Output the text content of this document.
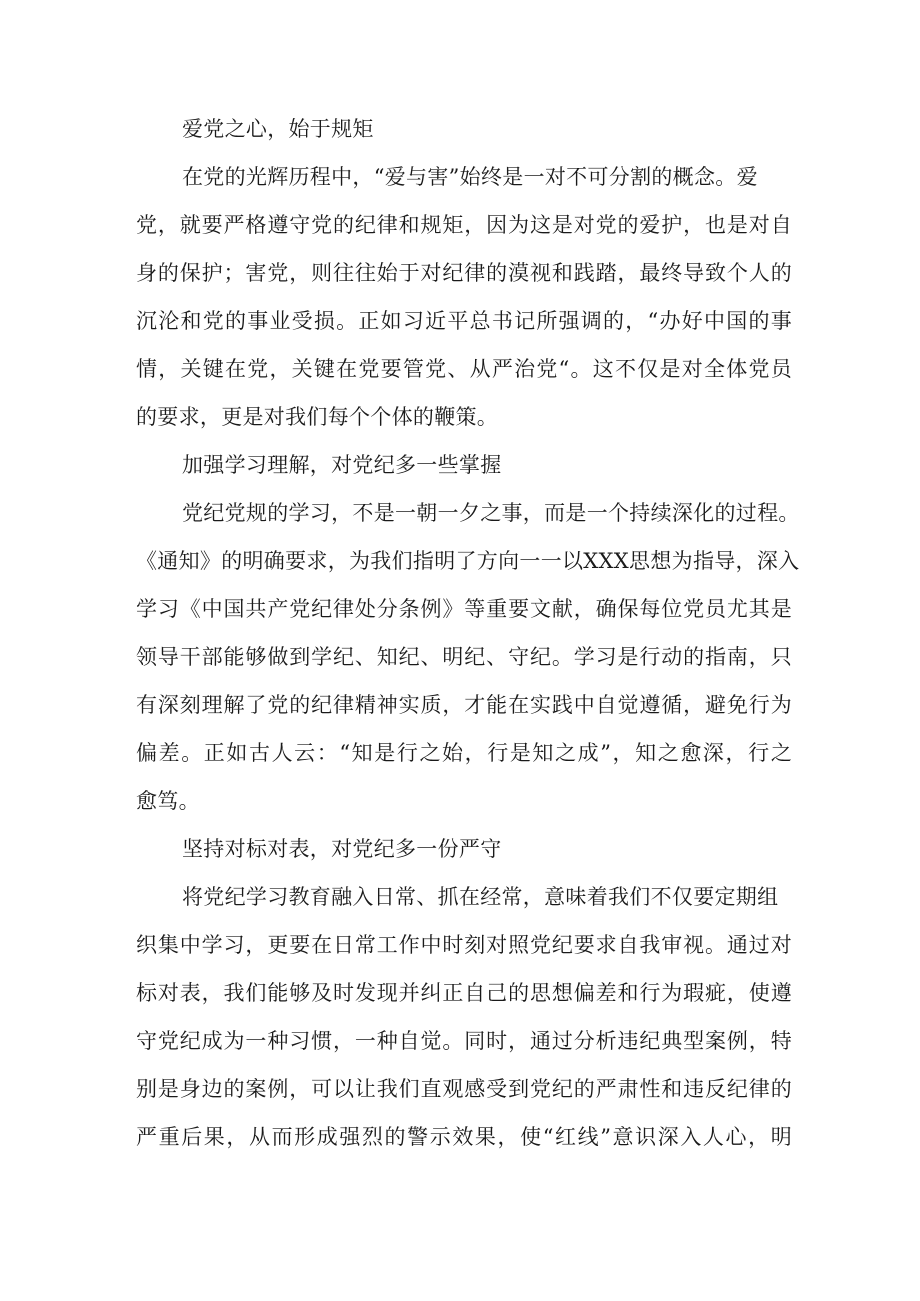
爱党之心，始于规矩
在党的光辉历程中，“爱与害”始终是一对不可分割的概念。爱
党，就要严格遵守党的纪律和规矩，因为这是对党的爱护，也是对自
身的保护；害党，则往往始于对纪律的漠视和践踏，最终导致个人的
沉沦和党的事业受损。正如习近平总书记所强调的，“办好中国的事
情，关键在党，关键在党要管党、从严治党“。这不仅是对全体党员
的要求，更是对我们每个个体的鞭策。
加强学习理解，对党纪多一些掌握
党纪党规的学习，不是一朝一夕之事，而是一个持续深化的过程。
《通知》的明确要求，为我们指明了方向一一以XXX思想为指导，深入
学习《中国共产党纪律处分条例》等重要文献，确保每位党员尤其是
领导干部能够做到学纪、知纪、明纪、守纪。学习是行动的指南，只
有深刻理解了党的纪律精神实质，才能在实践中自觉遵循，避免行为
偏差。正如古人云：“知是行之始，行是知之成”，知之愈深，行之
愈笃。
坚持对标对表，对党纪多一份严守
将党纪学习教育融入日常、抓在经常，意味着我们不仅要定期组
织集中学习，更要在日常工作中时刻对照党纪要求自我审视。通过对
标对表，我们能够及时发现并纠正自己的思想偏差和行为瑕疵，使遵
守党纪成为一种习惯，一种自觉。同时，通过分析违纪典型案例，特
别是身边的案例，可以让我们直观感受到党纪的严肃性和违反纪律的
严重后果，从而形成强烈的警示效果，使“红线”意识深入人心，明
